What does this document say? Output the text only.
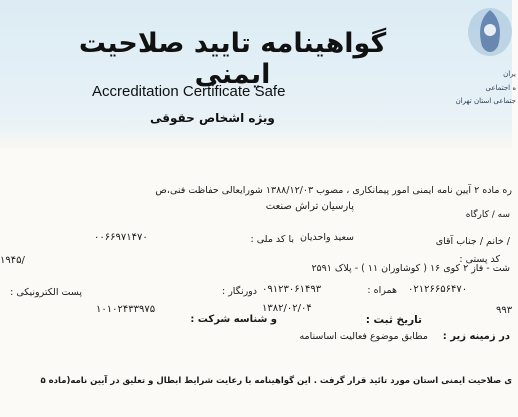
یران
ه اجتماعی
جتماعی استان تهران
گواهینامه تایید صلاحیت ایمنی
Accreditation Certificate Safe
ویژه اشخاص حقوقی
ره ماده ۲ آیین نامه ایمنی امور پیمانکاری ، مصوب ۱۳۸۸/۱۲/۰۳ شورایعالی حفاظت فنی،ص
سه / کارگاه
پارسیان تراش صنعت
/ خانم / جناب آقای
سعید واحدیان
با کد ملی :
۰۰۶۶۹۷۱۴۷۰
کد پستی :
۱۹۴۵/
شت - فاز ۲ کوی ۱۶ ( کوشاوران ۱۱ ) - پلاک ۲۵۹۱
۰۲۱۲۶۶۵۶۴۷۰
همراه :
۰۹۱۲۳۰۶۱۴۹۳
دورنگار :
پست الکترونیکی :
۹۹۳
تاریخ ثبت :
۱۳۸۲/۰۲/۰۴
و شناسه شرکت :
۱۰۱۰۲۴۳۳۹۷۵
در زمینه زیر :
مطابق موضوع فعالیت اساسنامه
ی صلاحیت ایمنی استان مورد تائید قرار گرفت . این گواهینامه با رعایت شرایط ابطال و تعلیق در آیین نامه(ماده ۵
